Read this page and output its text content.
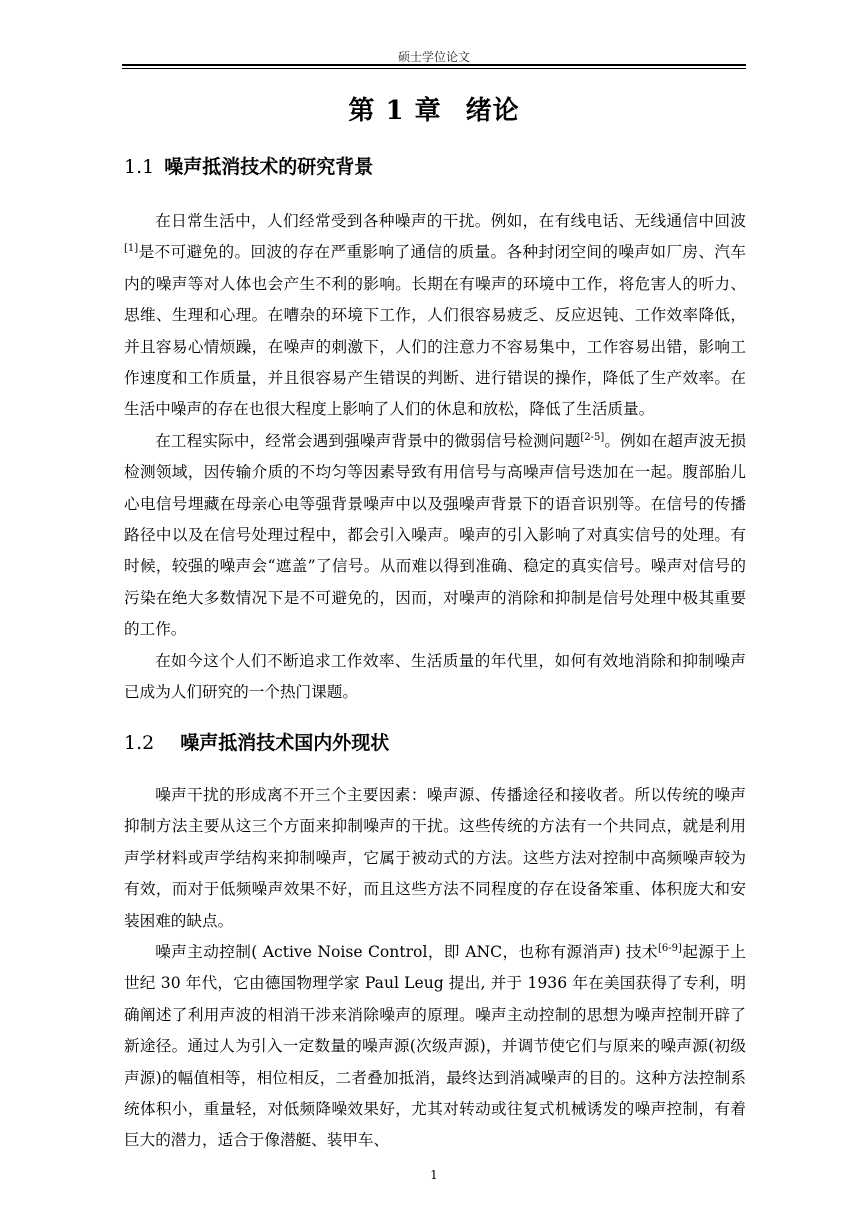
硕士学位论文
第 1 章 绪论
1.1 噪声抵消技术的研究背景

在日常生活中，人们经常受到各种噪声的干扰。例如，在有线电话、无线通信中回波[1]是不可避免的。回波的存在严重影响了通信的质量。各种封闭空间的噪声如厂房、汽车内的噪声等对人体也会产生不利的影响。长期在有噪声的环境中工作，将危害人的听力、思维、生理和心理。在嘈杂的环境下工作，人们很容易疲乏、反应迟钝、工作效率降低，并且容易心情烦躁，在噪声的刺激下，人们的注意力不容易集中，工作容易出错，影响工作速度和工作质量，并且很容易产生错误的判断、进行错误的操作，降低了生产效率。在生活中噪声的存在也很大程度上影响了人们的休息和放松，降低了生活质量。

在工程实际中，经常会遇到强噪声背景中的微弱信号检测问题[2-5]。例如在超声波无损检测领域，因传输介质的不均匀等因素导致有用信号与高噪声信号迭加在一起。腹部胎儿心电信号埋藏在母亲心电等强背景噪声中以及强噪声背景下的语音识别等。在信号的传播路径中以及在信号处理过程中，都会引入噪声。噪声的引入影响了对真实信号的处理。有时候，较强的噪声会“遮盖”了信号。从而难以得到准确、稳定的真实信号。噪声对信号的污染在绝大多数情况下是不可避免的，因而，对噪声的消除和抑制是信号处理中极其重要的工作。

在如今这个人们不断追求工作效率、生活质量的年代里，如何有效地消除和抑制噪声已成为人们研究的一个热门课题。

1.2 噪声抵消技术国内外现状

噪声干扰的形成离不开三个主要因素：噪声源、传播途径和接收者。所以传统的噪声抑制方法主要从这三个方面来抑制噪声的干扰。这些传统的方法有一个共同点，就是利用声学材料或声学结构来抑制噪声，它属于被动式的方法。这些方法对控制中高频噪声较为有效，而对于低频噪声效果不好，而且这些方法不同程度的存在设备笨重、体积庞大和安装困难的缺点。

噪声主动控制( Active Noise Control，即 ANC，也称有源消声) 技术[6-9]起源于上世纪 30 年代，它由德国物理学家 Paul Leug 提出, 并于 1936 年在美国获得了专利，明确阐述了利用声波的相消干涉来消除噪声的原理。噪声主动控制的思想为噪声控制开辟了新途径。通过人为引入一定数量的噪声源(次级声源)，并调节使它们与原来的噪声源(初级声源)的幅值相等，相位相反，二者叠加抵消，最终达到消减噪声的目的。这种方法控制系统体积小，重量轻，对低频降噪效果好，尤其对转动或往复式机械诱发的噪声控制，有着巨大的潜力，适合于像潜艇、装甲车、

1
